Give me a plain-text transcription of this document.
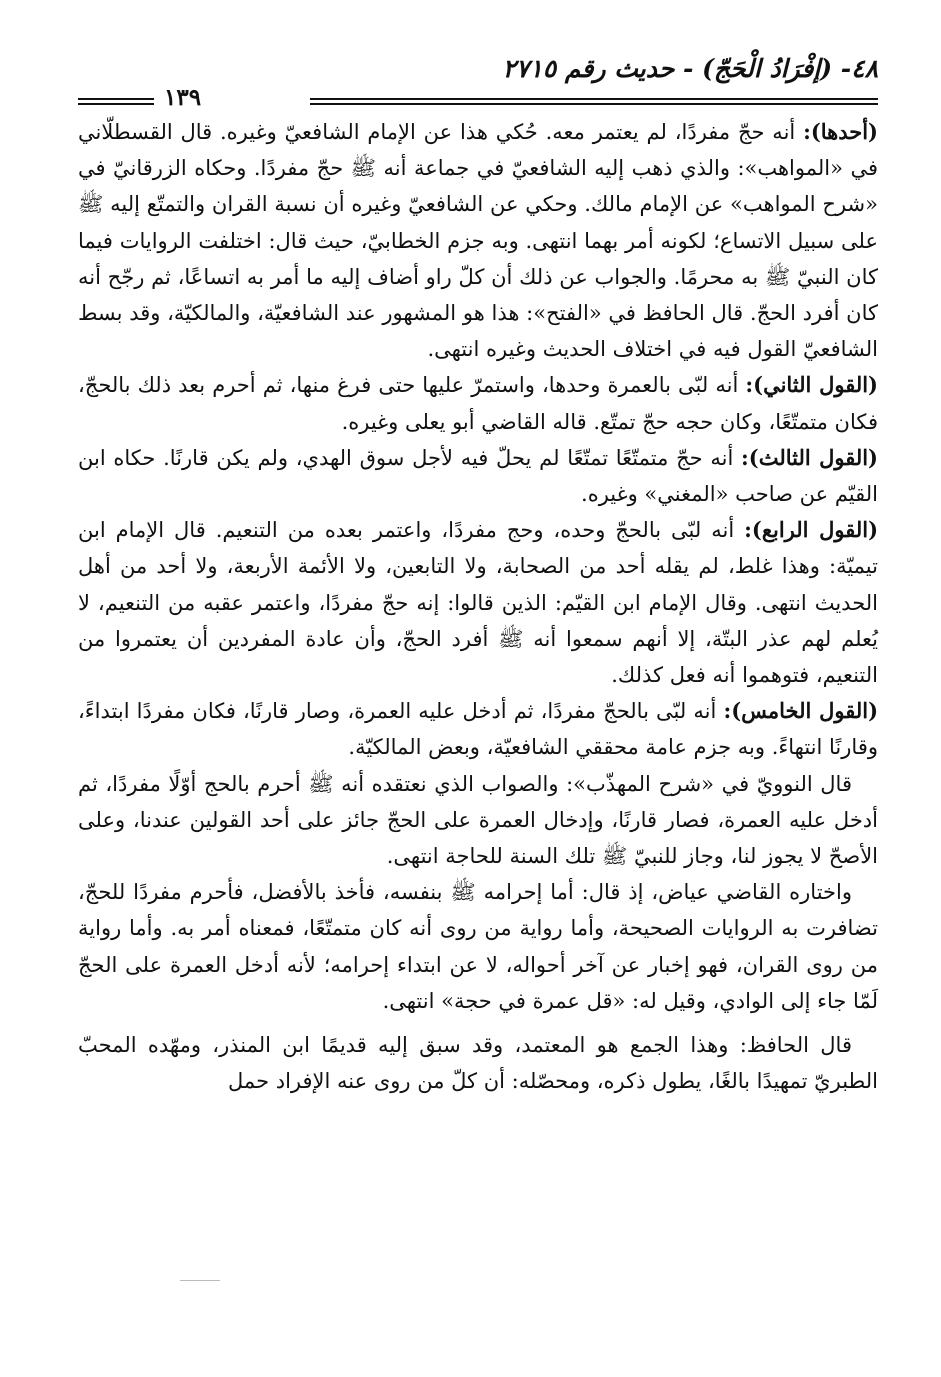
٤٨- (إفْرَادُ الْحَجّ) - حديث رقم ٢٧١٥
١٣٩

(أحدها): أنه حجّ مفردًا، لم يعتمر معه. حُكي هذا عن الإمام الشافعيّ وغيره. قال القسطلّاني في «المواهب»: والذي ذهب إليه الشافعيّ في جماعة أنه ﷺ حجّ مفردًا. وحكاه الزرقانيّ في «شرح المواهب» عن الإمام مالك. وحكي عن الشافعيّ وغيره أن نسبة القران والتمتّع إليه ﷺ على سبيل الاتساع؛ لكونه أمر بهما انتهى. وبه جزم الخطابيّ، حيث قال: اختلفت الروايات فيما كان النبيّ ﷺ به محرمًا. والجواب عن ذلك أن كلّ راو أضاف إليه ما أمر به اتساعًا، ثم رجّح أنه كان أفرد الحجّ. قال الحافظ في «الفتح»: هذا هو المشهور عند الشافعيّة، والمالكيّة، وقد بسط الشافعيّ القول فيه في اختلاف الحديث وغيره انتهى.

(القول الثاني): أنه لبّى بالعمرة وحدها، واستمرّ عليها حتى فرغ منها، ثم أحرم بعد ذلك بالحجّ، فكان متمتّعًا، وكان حجه حجّ تمتّع. قاله القاضي أبو يعلى وغيره.

(القول الثالث): أنه حجّ متمتّعًا تمتّعًا لم يحلّ فيه لأجل سوق الهدي، ولم يكن قارنًا. حكاه ابن القيّم عن صاحب «المغني» وغيره.

(القول الرابع): أنه لبّى بالحجّ وحده، وحج مفردًا، واعتمر بعده من التنعيم. قال الإمام ابن تيميّة: وهذا غلط، لم يقله أحد من الصحابة، ولا التابعين، ولا الأئمة الأربعة، ولا أحد من أهل الحديث انتهى. وقال الإمام ابن القيّم: الذين قالوا: إنه حجّ مفردًا، واعتمر عقبه من التنعيم، لا يُعلم لهم عذر البتّة، إلا أنهم سمعوا أنه ﷺ أفرد الحجّ، وأن عادة المفردين أن يعتمروا من التنعيم، فتوهموا أنه فعل كذلك.

(القول الخامس): أنه لبّى بالحجّ مفردًا، ثم أدخل عليه العمرة، وصار قارنًا، فكان مفردًا ابتداءً، وقارنًا انتهاءً. وبه جزم عامة محققي الشافعيّة، وبعض المالكيّة.

قال النوويّ في «شرح المهذّب»: والصواب الذي نعتقده أنه ﷺ أحرم بالحج أوّلًا مفردًا، ثم أدخل عليه العمرة، فصار قارنًا، وإدخال العمرة على الحجّ جائز على أحد القولين عندنا، وعلى الأصحّ لا يجوز لنا، وجاز للنبيّ ﷺ تلك السنة للحاجة انتهى.

واختاره القاضي عياض، إذ قال: أما إحرامه ﷺ بنفسه، فأخذ بالأفضل، فأحرم مفردًا للحجّ، تضافرت به الروايات الصحيحة، وأما رواية من روى أنه كان متمتّعًا، فمعناه أمر به. وأما رواية من روى القران، فهو إخبار عن آخر أحواله، لا عن ابتداء إحرامه؛ لأنه أدخل العمرة على الحجّ لَمّا جاء إلى الوادي، وقيل له: «قل عمرة في حجة» انتهى.

قال الحافظ: وهذا الجمع هو المعتمد، وقد سبق إليه قديمًا ابن المنذر، ومهّده المحبّ الطبريّ تمهيدًا بالغًا، يطول ذكره، ومحصّله: أن كلّ من روى عنه الإفراد حمل
